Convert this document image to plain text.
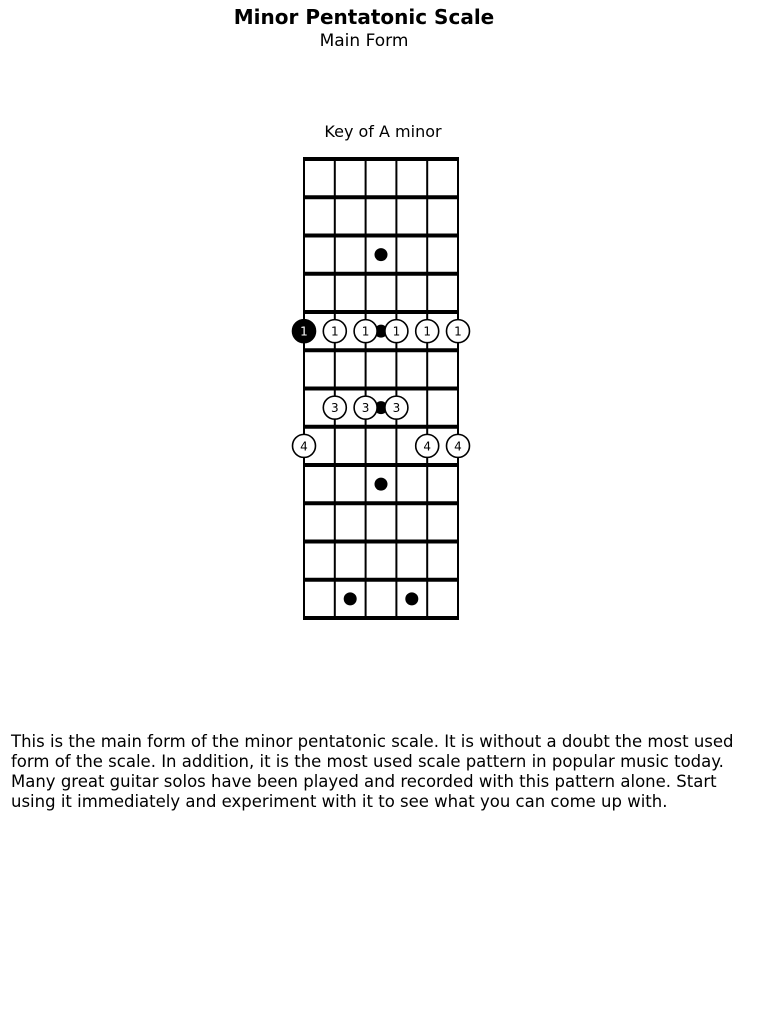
Minor Pentatonic Scale
Main Form
Key of A minor
1 1 1 1 1 1
3 3 3
4	4 4

This is the main form of the minor pentatonic scale. It is without a doubt the most used form of the scale. In addition, it is the most used scale pattern in popular music today. Many great guitar solos have been played and recorded with this pattern alone. Start using it immediately and experiment with it to see what you can come up with.
